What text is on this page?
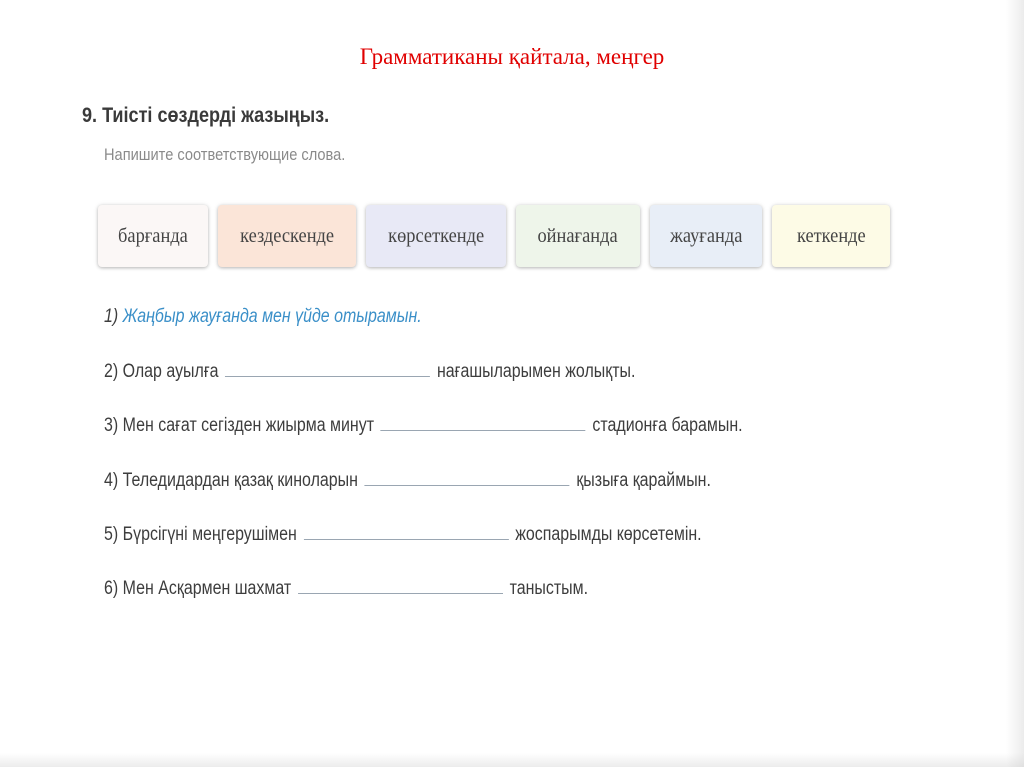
Грамматиканы қайтала, меңгер
9. Тиісті сөздерді жазыңыз.
Напишите соответствующие слова.
барғанда	кездескенде	көрсеткенде	ойнағанда	жауғанда	кеткенде
1) Жаңбыр жауғанда мен үйде отырамын.
2) Олар ауылға	нағашыларымен жолықты.
3) Мен сағат сегізден жиырма минут	стадионға барамын.
4) Теледидардан қазақ киноларын	қызыға қараймын.
5) Бүрсігүні меңгерушімен	жоспарымды көрсетемін.
6) Мен Асқармен шахмат	таныстым.
